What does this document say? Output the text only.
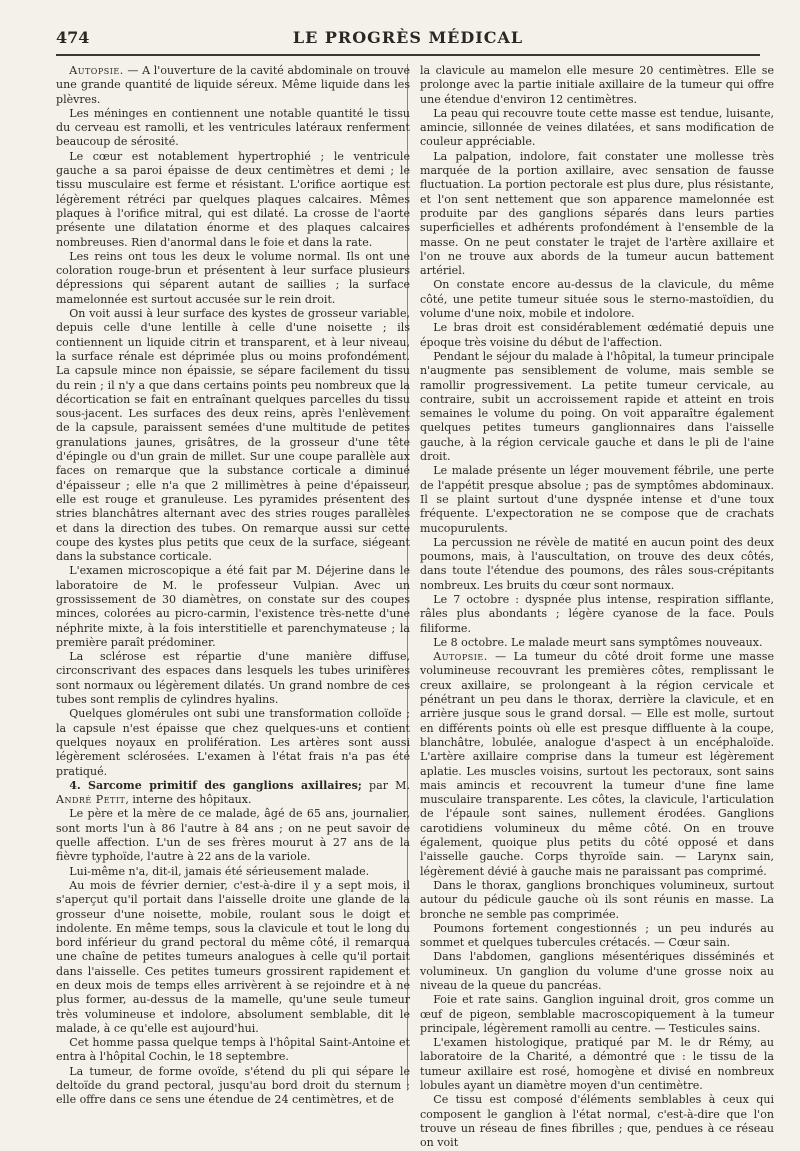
474	LE PROGRÈS MÉDICAL

Autopsie. — A l'ouverture de la cavité abdominale on trouve une grande quantité de liquide séreux. Même liquide dans les plèvres.

Les méninges en contiennent une notable quantité le tissu du cerveau est ramolli, et les ventricules latéraux renferment beaucoup de sérosité.

Le cœur est notablement hypertrophié ; le ventricule gauche a sa paroi épaisse de deux centimètres et demi ; le tissu musculaire est ferme et résistant. L'orifice aortique est légèrement rétréci par quelques plaques calcaires. Mêmes plaques à l'orifice mitral, qui est dilaté. La crosse de l'aorte présente une dilatation énorme et des plaques calcaires nombreuses. Rien d'anormal dans le foie et dans la rate.

Les reins ont tous les deux le volume normal. Ils ont une coloration rouge-brun et présentent à leur surface plusieurs dépressions qui séparent autant de saillies ; la surface mamelonnée est surtout accusée sur le rein droit.

On voit aussi à leur surface des kystes de grosseur variable, depuis celle d'une lentille à celle d'une noisette ; ils contiennent un liquide citrin et transparent, et à leur niveau, la surface rénale est déprimée plus ou moins profondément. La capsule mince non épaissie, se sépare facilement du tissu du rein ; il n'y a que dans certains points peu nombreux que la décortication se fait en entraînant quelques parcelles du tissu sous-jacent. Les surfaces des deux reins, après l'enlèvement de la capsule, paraissent semées d'une multitude de petites granulations jaunes, grisâtres, de la grosseur d'une tête d'épingle ou d'un grain de millet. Sur une coupe parallèle aux faces on remarque que la substance corticale a diminué d'épaisseur ; elle n'a que 2 millimètres à peine d'épaisseur, elle est rouge et granuleuse. Les pyramides présentent des stries blanchâtres alternant avec des stries rouges parallèles et dans la direction des tubes. On remarque aussi sur cette coupe des kystes plus petits que ceux de la surface, siégeant dans la substance corticale.

L'examen microscopique a été fait par M. Déjerine dans le laboratoire de M. le professeur Vulpian. Avec un grossissement de 30 diamètres, on constate sur des coupes minces, colorées au picro-carmin, l'existence très-nette d'une néphrite mixte, à la fois interstitielle et parenchymateuse ; la première paraît prédominer.

La sclérose est répartie d'une manière diffuse, circonscrivant des espaces dans lesquels les tubes urinifères sont normaux ou légèrement dilatés. Un grand nombre de ces tubes sont remplis de cylindres hyalins.

Quelques glomérules ont subi une transformation colloïde ; la capsule n'est épaisse que chez quelques-uns et contient quelques noyaux en prolifération. Les artères sont aussi légèrement sclérosées. L'examen à l'état frais n'a pas été pratiqué.

4. Sarcome primitif des ganglions axillaires; par M. André Petit, interne des hôpitaux.

Le père et la mère de ce malade, âgé de 65 ans, journalier, sont morts l'un à 86 l'autre à 84 ans ; on ne peut savoir de quelle affection. L'un de ses frères mourut à 27 ans de la fièvre typhoïde, l'autre à 22 ans de la variole.

Lui-même n'a, dit-il, jamais été sérieusement malade.

Au mois de février dernier, c'est-à-dire il y a sept mois, il s'aperçut qu'il portait dans l'aisselle droite une glande de la grosseur d'une noisette, mobile, roulant sous le doigt et indolente. En même temps, sous la clavicule et tout le long du bord inférieur du grand pectoral du même côté, il remarqua une chaîne de petites tumeurs analogues à celle qu'il portait dans l'aisselle. Ces petites tumeurs grossirent rapidement et en deux mois de temps elles arrivèrent à se rejoindre et à ne plus former, au-dessus de la mamelle, qu'une seule tumeur très volumineuse et indolore, absolument semblable, dit le malade, à ce qu'elle est aujourd'hui.

Cet homme passa quelque temps à l'hôpital Saint-Antoine et entra à l'hôpital Cochin, le 18 septembre.

La tumeur, de forme ovoïde, s'étend du pli qui sépare le deltoïde du grand pectoral, jusqu'au bord droit du sternum ; elle offre dans ce sens une étendue de 24 centimètres, et de

la clavicule au mamelon elle mesure 20 centimètres. Elle se prolonge avec la partie initiale axillaire de la tumeur qui offre une étendue d'environ 12 centimètres.

La peau qui recouvre toute cette masse est tendue, luisante, amincie, sillonnée de veines dilatées, et sans modification de couleur appréciable.

La palpation, indolore, fait constater une mollesse très marquée de la portion axillaire, avec sensation de fausse fluctuation. La portion pectorale est plus dure, plus résistante, et l'on sent nettement que son apparence mamelonnée est produite par des ganglions séparés dans leurs parties superficielles et adhérents profondément à l'ensemble de la masse. On ne peut constater le trajet de l'artère axillaire et l'on ne trouve aux abords de la tumeur aucun battement artériel.

On constate encore au-dessus de la clavicule, du même côté, une petite tumeur située sous le sterno-mastoïdien, du volume d'une noix, mobile et indolore.

Le bras droit est considérablement œdématié depuis une époque très voisine du début de l'affection.

Pendant le séjour du malade à l'hôpital, la tumeur principale n'augmente pas sensiblement de volume, mais semble se ramollir progressivement. La petite tumeur cervicale, au contraire, subit un accroissement rapide et atteint en trois semaines le volume du poing. On voit apparaître également quelques petites tumeurs ganglionnaires dans l'aisselle gauche, à la région cervicale gauche et dans le pli de l'aine droit.

Le malade présente un léger mouvement fébrile, une perte de l'appétit presque absolue ; pas de symptômes abdominaux. Il se plaint surtout d'une dyspnée intense et d'une toux fréquente. L'expectoration ne se compose que de crachats mucopurulents.

La percussion ne révèle de matité en aucun point des deux poumons, mais, à l'auscultation, on trouve des deux côtés, dans toute l'étendue des poumons, des râles sous-crépitants nombreux. Les bruits du cœur sont normaux.

Le 7 octobre : dyspnée plus intense, respiration sifflante, râles plus abondants ; légère cyanose de la face. Pouls filiforme.

Le 8 octobre. Le malade meurt sans symptômes nouveaux.

Autopsie. — La tumeur du côté droit forme une masse volumineuse recouvrant les premières côtes, remplissant le creux axillaire, se prolongeant à la région cervicale et pénétrant un peu dans le thorax, derrière la clavicule, et en arrière jusque sous le grand dorsal. — Elle est molle, surtout en différents points où elle est presque diffluente à la coupe, blanchâtre, lobulée, analogue d'aspect à un encéphaloïde. L'artère axillaire comprise dans la tumeur est légèrement aplatie. Les muscles voisins, surtout les pectoraux, sont sains mais amincis et recouvrent la tumeur d'une fine lame musculaire transparente. Les côtes, la clavicule, l'articulation de l'épaule sont saines, nullement érodées. Ganglions carotidiens volumineux du même côté. On en trouve également, quoique plus petits du côté opposé et dans l'aisselle gauche. Corps thyroïde sain. — Larynx sain, légèrement dévié à gauche mais ne paraissant pas comprimé.

Dans le thorax, ganglions bronchiques volumineux, surtout autour du pédicule gauche où ils sont réunis en masse. La bronche ne semble pas comprimée.

Poumons fortement congestionnés ; un peu indurés au sommet et quelques tubercules crétacés. — Cœur sain.

Dans l'abdomen, ganglions mésentériques disséminés et volumineux. Un ganglion du volume d'une grosse noix au niveau de la queue du pancréas.

Foie et rate sains. Ganglion inguinal droit, gros comme un œuf de pigeon, semblable macroscopiquement à la tumeur principale, légèrement ramolli au centre. — Testicules sains.

L'examen histologique, pratiqué par M. le dr Rémy, au laboratoire de la Charité, a démontré que : le tissu de la tumeur axillaire est rosé, homogène et divisé en nombreux lobules ayant un diamètre moyen d'un centimètre.

Ce tissu est composé d'éléments semblables à ceux qui composent le ganglion à l'état normal, c'est-à-dire que l'on trouve un réseau de fines fibrilles ; que, pendues à ce réseau on voit
